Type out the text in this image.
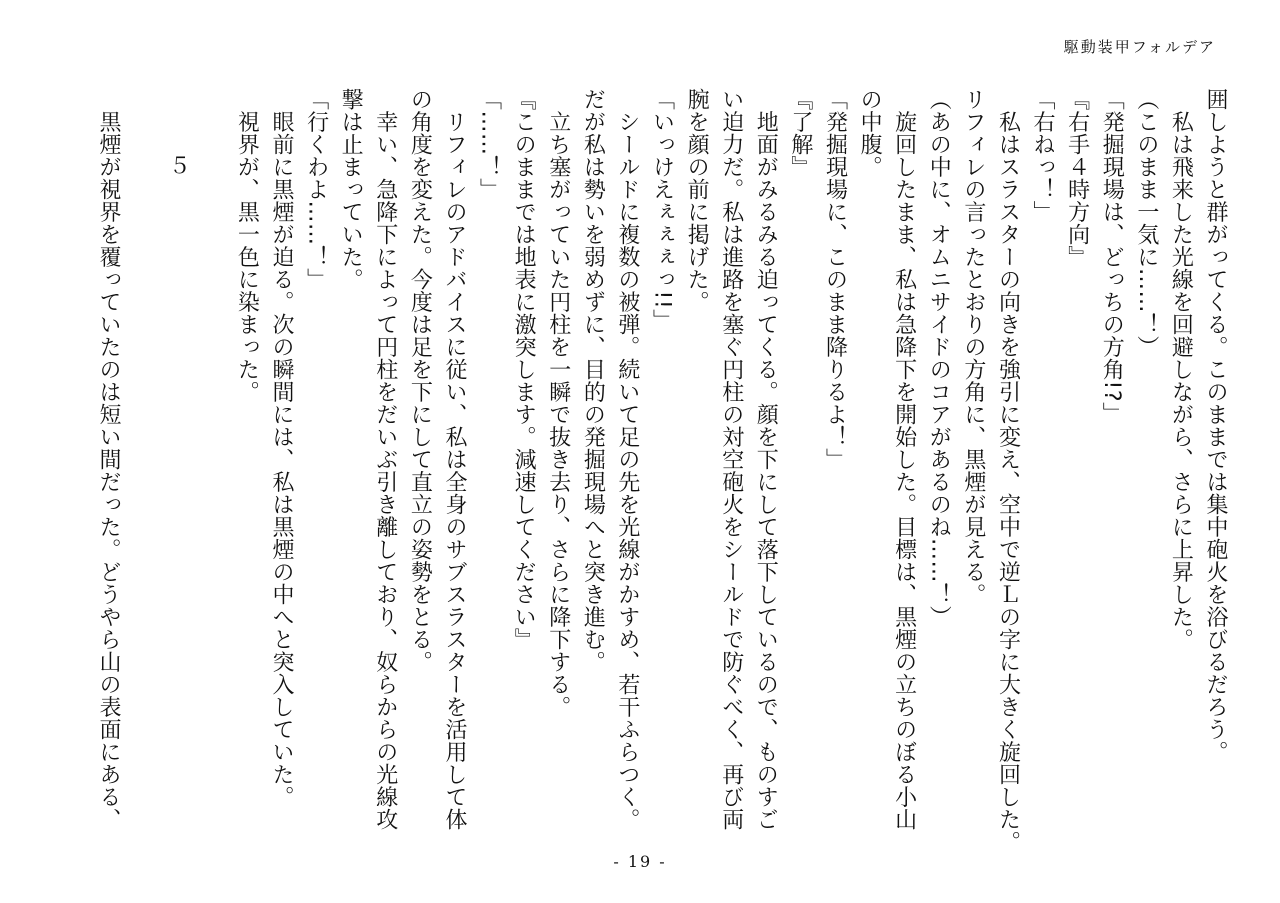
駆動装甲フォルデア

囲しようと群がってくる。このままでは集中砲火を浴びるだろう。

　私は飛来した光線を回避しながら、さらに上昇した。

（このまま一気に……！）

「発掘現場は、どっちの方角!?」

『右手４時方向』

「右ねっ！」

　私はスラスターの向きを強引に変え、空中で逆Ｌの字に大きく旋回した。

リフィレの言ったとおりの方角に、黒煙が見える。

（あの中に、オムニサイドのコアがあるのね……！）

　旋回したまま、私は急降下を開始した。目標は、黒煙の立ちのぼる小山

の中腹。

「発掘現場に、このまま降りるよ！」

『了解』

　地面がみるみる迫ってくる。顔を下にして落下しているので、ものすご

い迫力だ。私は進路を塞ぐ円柱の対空砲火をシールドで防ぐべく、再び両

腕を顔の前に掲げた。

「いっけえぇぇぇっ!!」

　シールドに複数の被弾。続いて足の先を光線がかすめ、若干ふらつく。

だが私は勢いを弱めずに、目的の発掘現場へと突き進む。

　立ち塞がっていた円柱を一瞬で抜き去り、さらに降下する。

『このままでは地表に激突します。減速してください』

「……！」

　リフィレのアドバイスに従い、私は全身のサブスラスターを活用して体

の角度を変えた。今度は足を下にして直立の姿勢をとる。

　幸い、急降下によって円柱をだいぶ引き離しており、奴らからの光線攻

撃は止まっていた。

「行くわよ……！」

　眼前に黒煙が迫る。次の瞬間には、私は黒煙の中へと突入していた。

　視界が、黒一色に染まった。

５

　黒煙が視界を覆っていたのは短い間だった。どうやら山の表面にある、

- 19 -
